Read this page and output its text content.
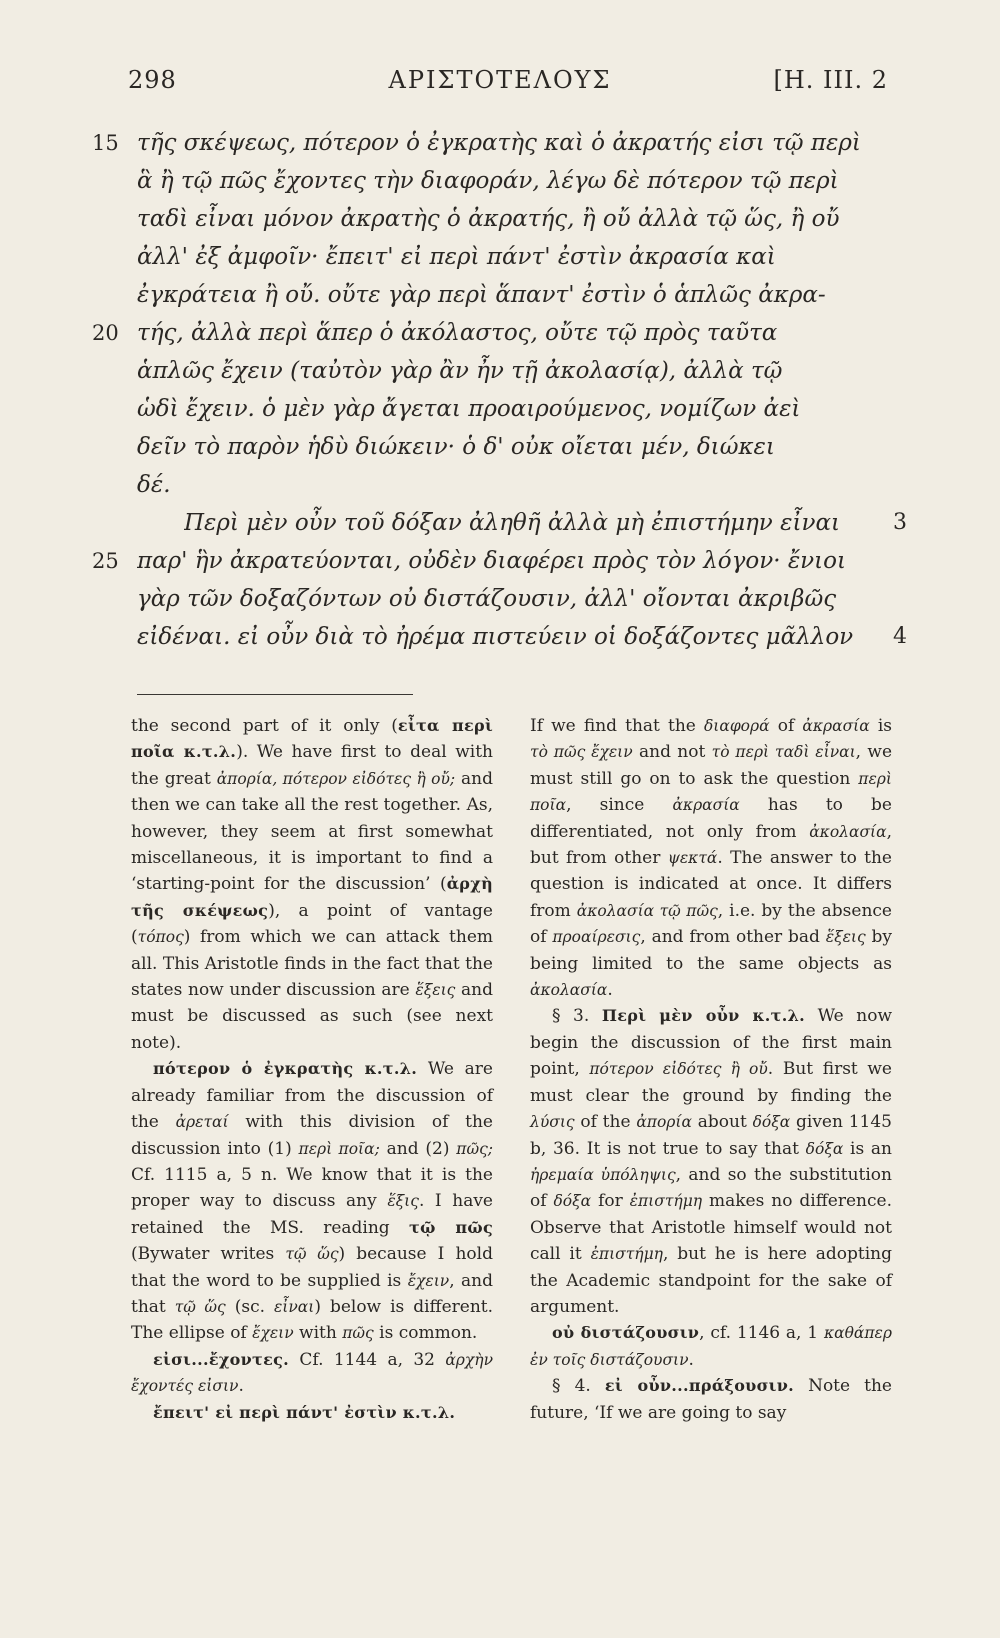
298	ΑΡΙΣΤΟΤΕΛΟΥΣ	[H. III. 2
15
20
25
τῆς σκέψεως, πότερον ὁ ἐγκρατὴς καὶ ὁ ἀκρατής εἰσι τῷ περὶ
ἃ ἢ τῷ πῶς ἔχοντες τὴν διαφοράν, λέγω δὲ πότερον τῷ περὶ
ταδὶ εἶναι μόνον ἀκρατὴς ὁ ἀκρατής, ἢ οὔ ἀλλὰ τῷ ὥς, ἢ οὔ
ἀλλ' ἐξ ἀμφοῖν· ἔπειτ' εἰ περὶ πάντ' ἐστὶν ἀκρασία καὶ
ἐγκράτεια ἢ οὔ. οὔτε γὰρ περὶ ἅπαντ' ἐστὶν ὁ ἁπλῶς ἀκρα-
τής, ἀλλὰ περὶ ἅπερ ὁ ἀκόλαστος, οὔτε τῷ πρὸς ταῦτα
ἁπλῶς ἔχειν (ταὐτὸν γὰρ ἂν ἦν τῇ ἀκολασίᾳ), ἀλλὰ τῷ
ὡδὶ ἔχειν. ὁ μὲν γὰρ ἄγεται προαιρούμενος, νομίζων ἀεὶ
δεῖν τὸ παρὸν ἡδὺ διώκειν· ὁ δ' οὐκ οἴεται μέν, διώκει
δέ.
Περὶ μὲν οὖν τοῦ δόξαν ἀληθῆ ἀλλὰ μὴ ἐπιστήμην εἶναι
παρ' ἣν ἀκρατεύονται, οὐδὲν διαφέρει πρὸς τὸν λόγον· ἔνιοι
γὰρ τῶν δοξαζόντων οὐ διστάζουσιν, ἀλλ' οἴονται ἀκριβῶς
εἰδέναι. εἰ οὖν διὰ τὸ ἠρέμα πιστεύειν οἱ δοξάζοντες μᾶλλον
3
4

the second part of it only (εἶτα περὶ ποῖα κ.τ.λ.). We have first to deal with the great ἀπορία, πότερον εἰδότες ἢ οὔ; and then we can take all the rest together. As, however, they seem at first somewhat miscellaneous, it is important to find a ‘starting-point for the discussion’ (ἀρχὴ τῆς σκέψεως), a point of vantage (τόπος) from which we can attack them all. This Aristotle finds in the fact that the states now under discussion are ἕξεις and must be discussed as such (see next note).

πότερον ὁ ἐγκρατὴς κ.τ.λ. We are already familiar from the discussion of the ἀρεταί with this division of the discussion into (1) περὶ ποῖα; and (2) πῶς; Cf. 1115 a, 5 n. We know that it is the proper way to discuss any ἕξις. I have retained the MS. reading τῷ πῶς (Bywater writes τῷ ὥς) because I hold that the word to be supplied is ἔχειν, and that τῷ ὥς (sc. εἶναι) below is different. The ellipse of ἔχειν with πῶς is common.

εἰσι...ἔχοντες. Cf. 1144 a, 32 ἀρχὴν ἔχοντές εἰσιν.

ἔπειτ' εἰ περὶ πάντ' ἐστὶν κ.τ.λ.

If we find that the διαφορά of ἀκρασία is τὸ πῶς ἔχειν and not τὸ περὶ ταδὶ εἶναι, we must still go on to ask the question περὶ ποῖα, since ἀκρασία has to be differentiated, not only from ἀκολασία, but from other ψεκτά. The answer to the question is indicated at once. It differs from ἀκολασία τῷ πῶς, i.e. by the absence of προαίρεσις, and from other bad ἕξεις by being limited to the same objects as ἀκολασία.

§ 3. Περὶ μὲν οὖν κ.τ.λ. We now begin the discussion of the first main point, πότερον εἰδότες ἢ οὔ. But first we must clear the ground by finding the λύσις of the ἀπορία about δόξα given 1145 b, 36. It is not true to say that δόξα is an ἠρεμαία ὑπόληψις, and so the substitution of δόξα for ἐπιστήμη makes no difference. Observe that Aristotle himself would not call it ἐπιστήμη, but he is here adopting the Academic standpoint for the sake of argument.

οὐ διστάζουσιν, cf. 1146 a, 1 καθάπερ ἐν τοῖς διστάζουσιν.

§ 4. εἰ οὖν...πράξουσιν. Note the future, ‘If we are going to say
